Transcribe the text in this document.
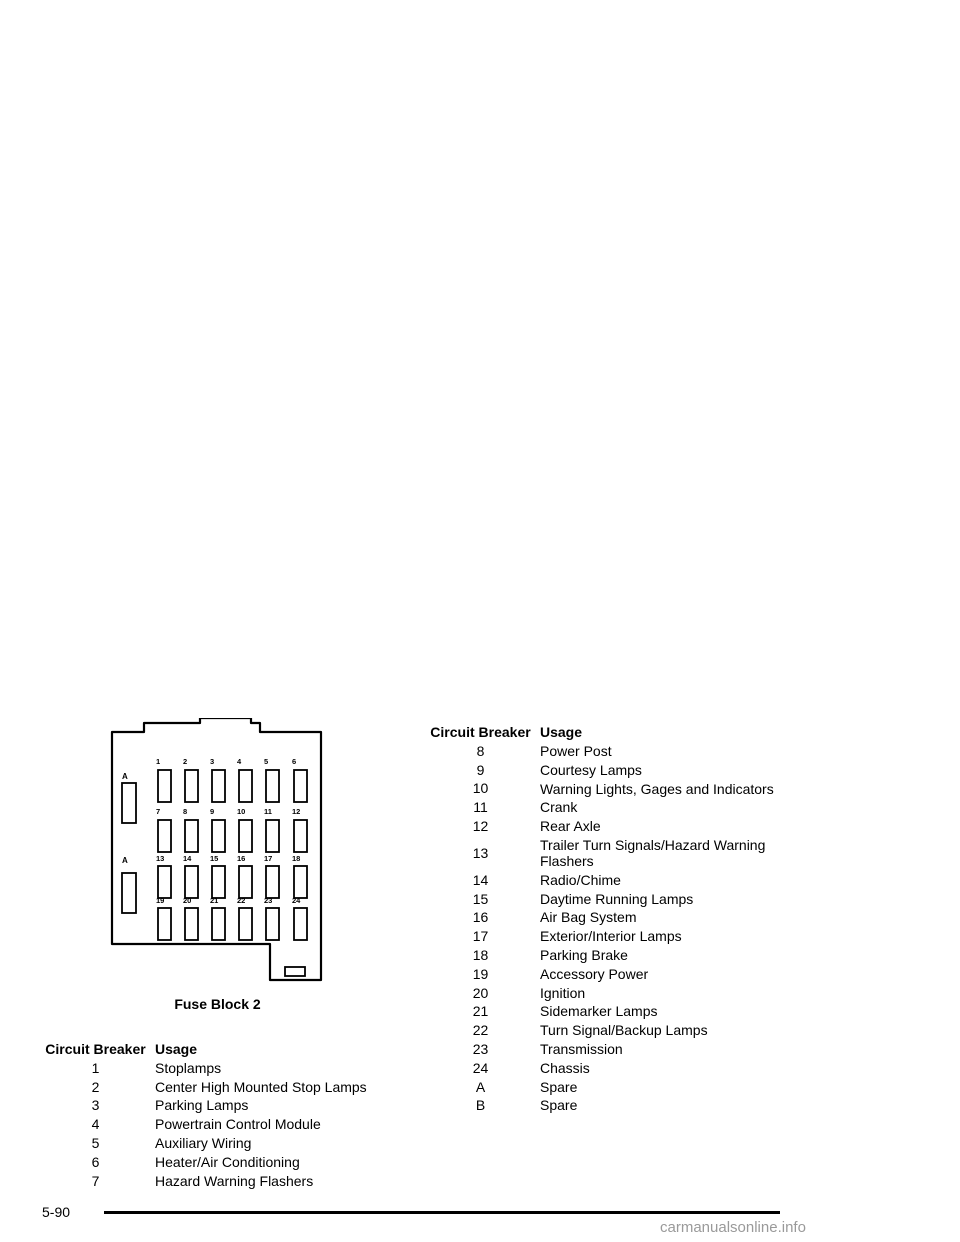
A
A
1	2	3	4	5	6
7	8	9	10 11	12
13 14 15 16 17	18
19 20 21 22 23	24
Fuse Block 2
Circuit Breaker	Usage
1	Stoplamps
2	Center High Mounted Stop Lamps
3	Parking Lamps
4	Powertrain Control Module
5	Auxiliary Wiring
6	Heater/Air Conditioning
7	Hazard Warning Flashers
Circuit Breaker	Usage
8	Power Post
9	Courtesy Lamps
10	Warning Lights, Gages and Indicators
11	Crank
12	Rear Axle
13	Trailer Turn Signals/Hazard Warning Flashers
14	Radio/Chime
15	Daytime Running Lamps
16	Air Bag System
17	Exterior/Interior Lamps
18	Parking Brake
19	Accessory Power
20	Ignition
21	Sidemarker Lamps
22	Turn Signal/Backup Lamps
23	Transmission
24	Chassis
A	Spare
B	Spare
5-90
carmanualsonline.info
